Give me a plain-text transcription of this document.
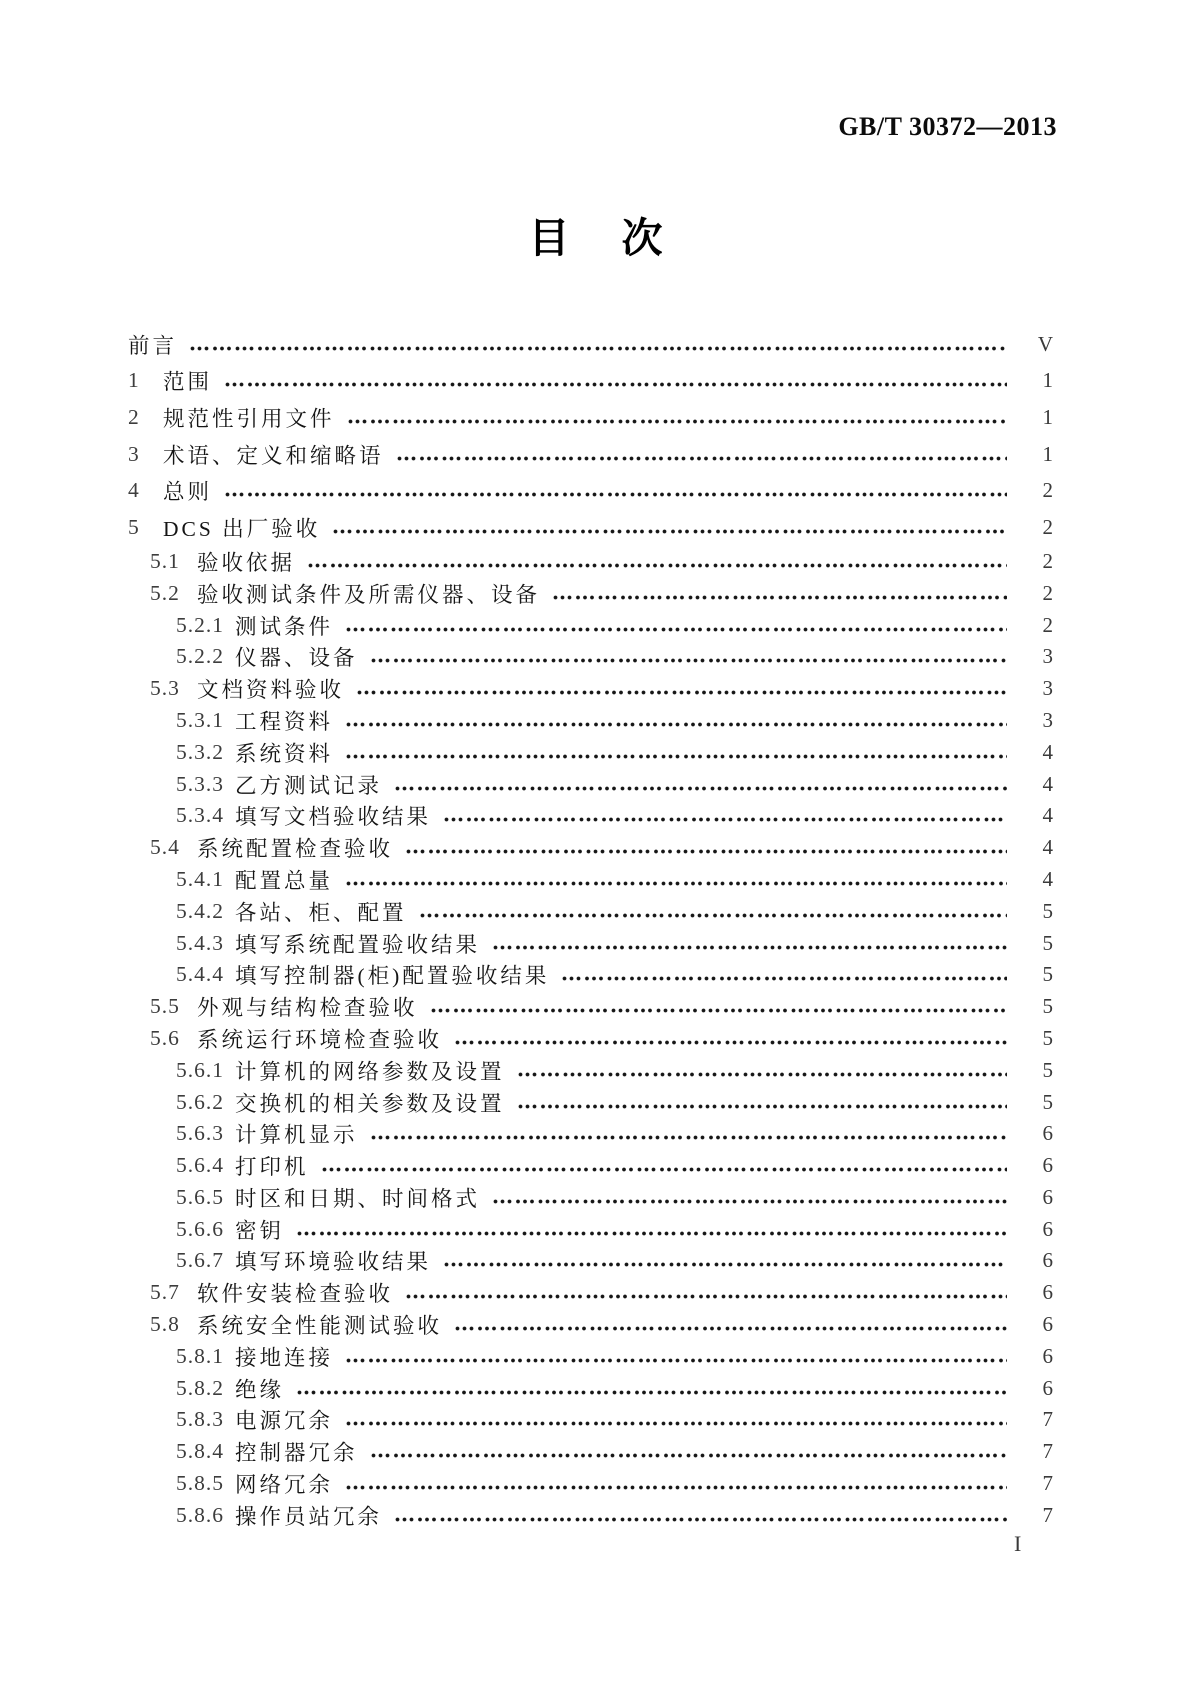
GB/T 30372—2013
目次
前言	V
1	范围	1
2	规范性引用文件	1
3	术语、定义和缩略语	1
4	总则	2
5	DCS 出厂验收	2
5.1 验收依据	2
5.2 验收测试条件及所需仪器、设备	2
5.2.1 测试条件	2
5.2.2 仪器、设备	3
5.3 文档资料验收	3
5.3.1 工程资料	3
5.3.2 系统资料	4
5.3.3 乙方测试记录	4
5.3.4 填写文档验收结果	4
5.4 系统配置检查验收	4
5.4.1 配置总量	4
5.4.2 各站、柜、配置	5
5.4.3 填写系统配置验收结果	5
5.4.4 填写控制器(柜)配置验收结果	5
5.5 外观与结构检查验收	5
5.6 系统运行环境检查验收	5
5.6.1 计算机的网络参数及设置	5
5.6.2 交换机的相关参数及设置	5
5.6.3 计算机显示	6
5.6.4 打印机	6
5.6.5 时区和日期、时间格式	6
5.6.6 密钥	6
5.6.7 填写环境验收结果	6
5.7 软件安装检查验收	6
5.8 系统安全性能测试验收	6
5.8.1 接地连接	6
5.8.2 绝缘	6
5.8.3 电源冗余	7
5.8.4 控制器冗余	7
5.8.5 网络冗余	7
5.8.6 操作员站冗余	7
I
